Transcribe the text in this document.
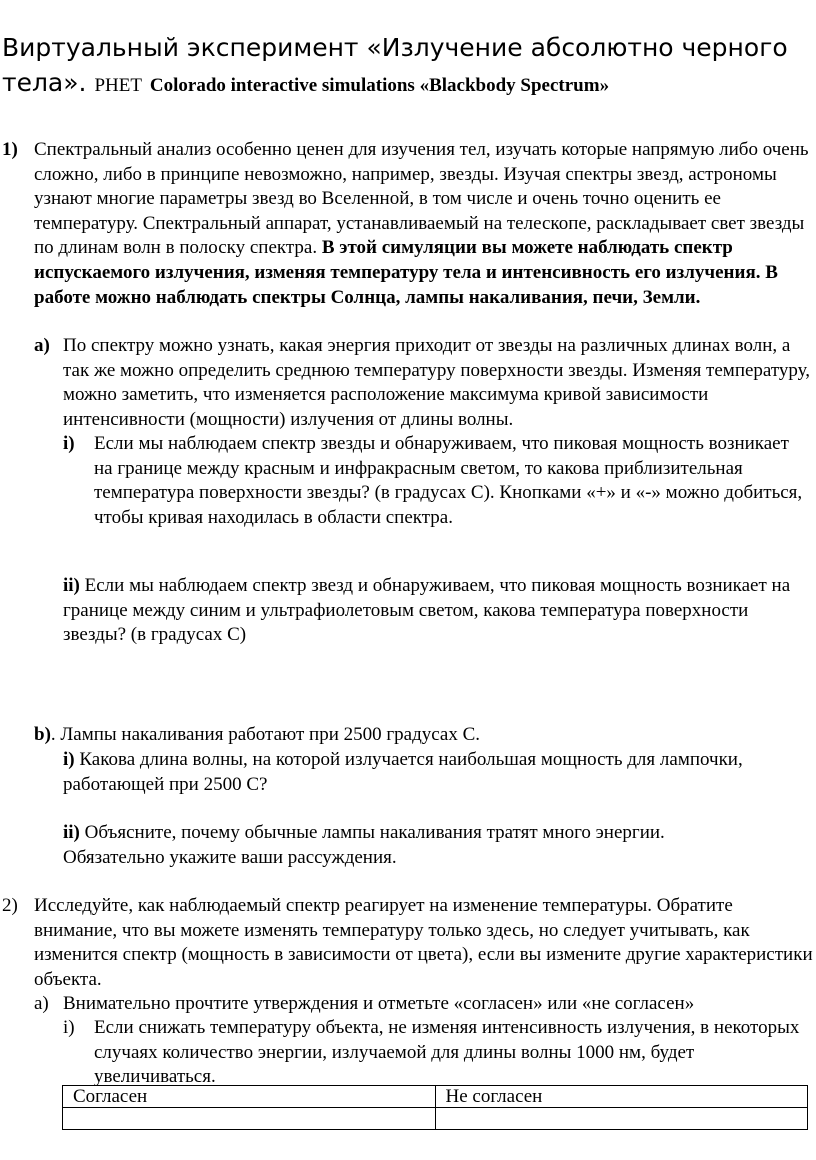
Виртуальный эксперимент «Излучение абсолютно черного тела». PHET Colorado interactive simulations «Blackbody Spectrum»
1) Спектральный анализ особенно ценен для изучения тел, изучать которые напрямую либо очень сложно, либо в принципе невозможно, например, звезды. Изучая спектры звезд, астрономы узнают многие параметры звезд во Вселенной, в том числе и очень точно оценить ее температуру. Спектральный аппарат, устанавливаемый на телескопе, раскладывает свет звезды по длинам волн в полоску спектра. В этой симуляции вы можете наблюдать спектр испускаемого излучения, изменяя температуру тела и интенсивность его излучения. В работе можно наблюдать спектры Солнца, лампы накаливания, печи, Земли.
а) По спектру можно узнать, какая энергия приходит от звезды на различных длинах волн, а так же можно определить среднюю температуру поверхности звезды. Изменяя температуру, можно заметить, что изменяется расположение максимума кривой зависимости интенсивности (мощности) излучения от длины волны.
i) Если мы наблюдаем спектр звезды и обнаруживаем, что пиковая мощность возникает на границе между красным и инфракрасным светом, то какова приблизительная температура поверхности звезды? (в градусах С). Кнопками «+» и «-» можно добиться, чтобы кривая находилась в области спектра.
ii) Если мы наблюдаем спектр звезд и обнаруживаем, что пиковая мощность возникает на границе между синим и ультрафиолетовым светом, какова температура поверхности звезды? (в градусах С)
b). Лампы накаливания работают при 2500 градусах С.
i) Какова длина волны, на которой излучается наибольшая мощность для лампочки, работающей при 2500 С?
ii) Объясните, почему обычные лампы накаливания тратят много энергии. Обязательно укажите ваши рассуждения.
2) Исследуйте, как наблюдаемый спектр реагирует на изменение температуры. Обратите внимание, что вы можете изменять температуру только здесь, но следует учитывать, как изменится спектр (мощность в зависимости от цвета), если вы измените другие характеристики объекта.
а) Внимательно прочтите утверждения и отметьте «согласен» или «не согласен»
i) Если снижать температуру объекта, не изменяя интенсивность излучения, в некоторых случаях количество энергии, излучаемой для длины волны 1000 нм, будет увеличиваться.
Согласен	Не согласен
